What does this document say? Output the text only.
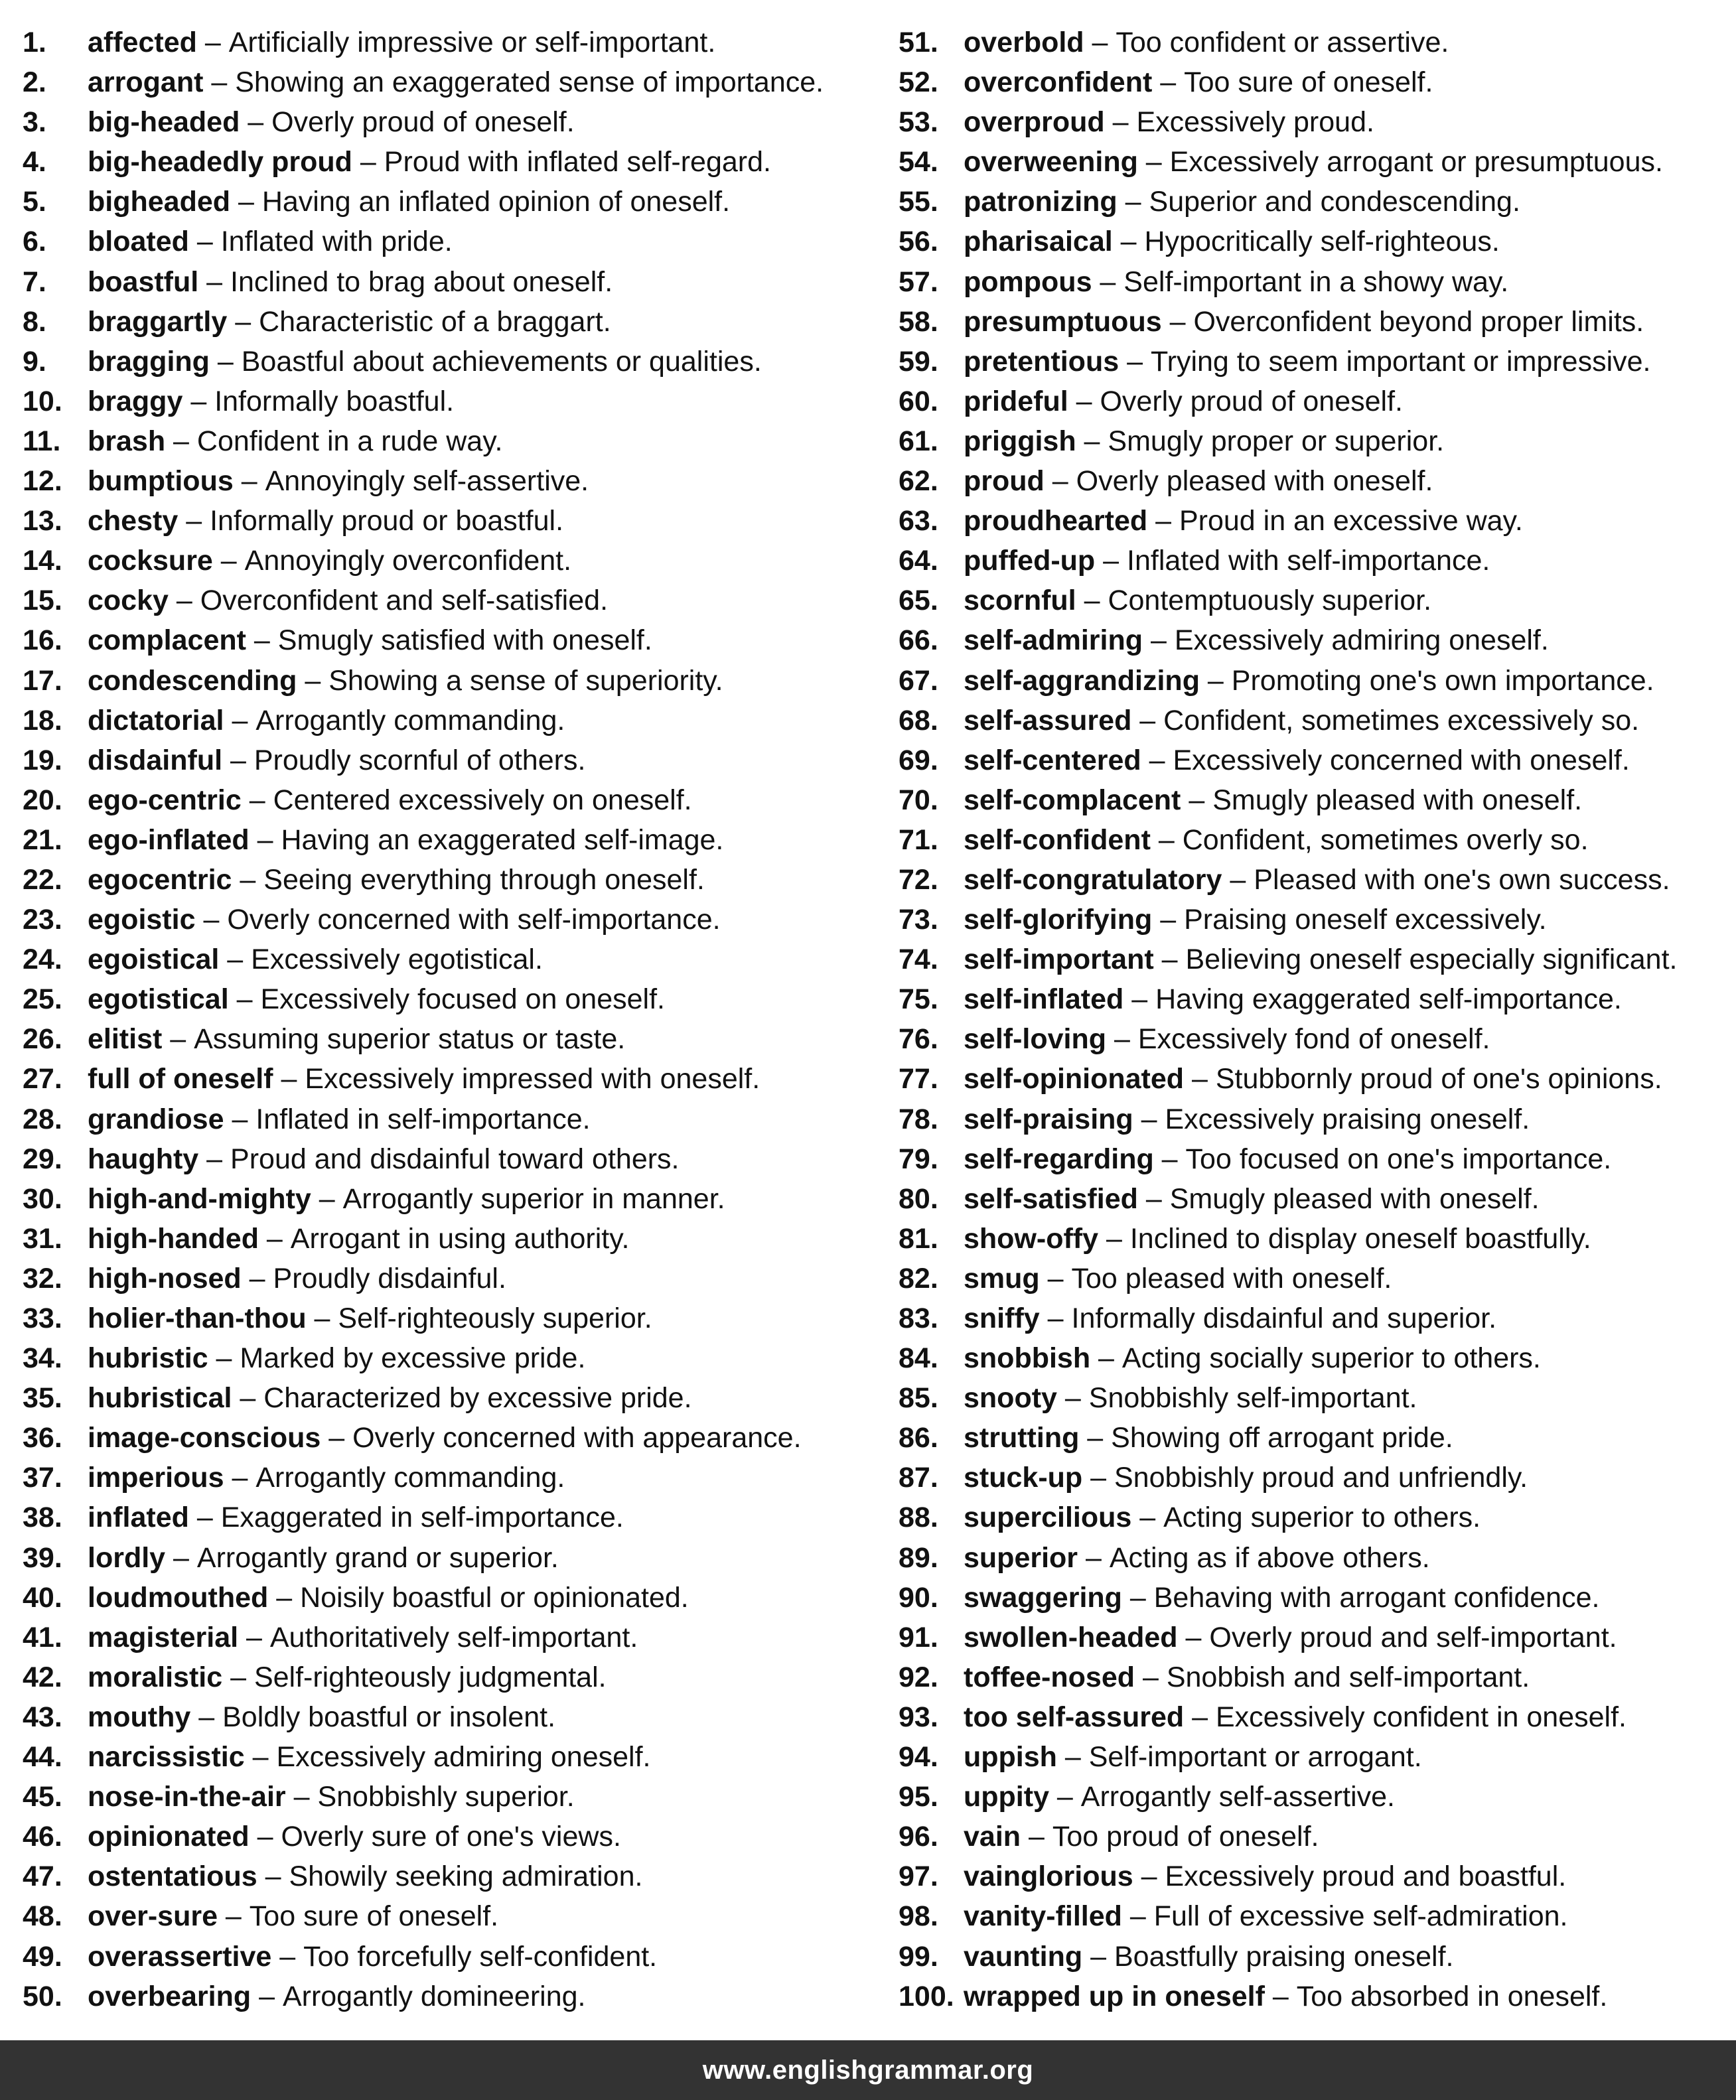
1.	affected – Artificially impressive or self-important.
2.	arrogant – Showing an exaggerated sense of importance.
3.	big-headed – Overly proud of oneself.
4.	big-headedly proud – Proud with inflated self-regard.
5.	bigheaded – Having an inflated opinion of oneself.
6.	bloated – Inflated with pride.
7.	boastful – Inclined to brag about oneself.
8.	braggartly – Characteristic of a braggart.
9.	bragging – Boastful about achievements or qualities.
10. braggy – Informally boastful.
11. brash – Confident in a rude way.
12. bumptious – Annoyingly self-assertive.
13. chesty – Informally proud or boastful.
14. cocksure – Annoyingly overconfident.
15. cocky – Overconfident and self-satisfied.
16. complacent – Smugly satisfied with oneself.
17. condescending – Showing a sense of superiority.
18. dictatorial – Arrogantly commanding.
19. disdainful – Proudly scornful of others.
20. ego-centric – Centered excessively on oneself.
21. ego-inflated – Having an exaggerated self-image.
22. egocentric – Seeing everything through oneself.
23. egoistic – Overly concerned with self-importance.
24. egoistical – Excessively egotistical.
25. egotistical – Excessively focused on oneself.
26. elitist – Assuming superior status or taste.
27. full of oneself – Excessively impressed with oneself.
28. grandiose – Inflated in self-importance.
29. haughty – Proud and disdainful toward others.
30. high-and-mighty – Arrogantly superior in manner.
31. high-handed – Arrogant in using authority.
32. high-nosed – Proudly disdainful.
33. holier-than-thou – Self-righteously superior.
34. hubristic – Marked by excessive pride.
35. hubristical – Characterized by excessive pride.
36. image-conscious – Overly concerned with appearance.
37. imperious – Arrogantly commanding.
38. inflated – Exaggerated in self-importance.
39. lordly – Arrogantly grand or superior.
40. loudmouthed – Noisily boastful or opinionated.
41. magisterial – Authoritatively self-important.
42. moralistic – Self-righteously judgmental.
43. mouthy – Boldly boastful or insolent.
44. narcissistic – Excessively admiring oneself.
45. nose-in-the-air – Snobbishly superior.
46. opinionated – Overly sure of one's views.
47. ostentatious – Showily seeking admiration.
48. over-sure – Too sure of oneself.
49. overassertive – Too forcefully self-confident.
50. overbearing – Arrogantly domineering.
51. overbold – Too confident or assertive.
52. overconfident – Too sure of oneself.
53. overproud – Excessively proud.
54. overweening – Excessively arrogant or presumptuous.
55. patronizing – Superior and condescending.
56. pharisaical – Hypocritically self-righteous.
57. pompous – Self-important in a showy way.
58. presumptuous – Overconfident beyond proper limits.
59. pretentious – Trying to seem important or impressive.
60. prideful – Overly proud of oneself.
61. priggish – Smugly proper or superior.
62. proud – Overly pleased with oneself.
63. proudhearted – Proud in an excessive way.
64. puffed-up – Inflated with self-importance.
65. scornful – Contemptuously superior.
66. self-admiring – Excessively admiring oneself.
67. self-aggrandizing – Promoting one's own importance.
68. self-assured – Confident, sometimes excessively so.
69. self-centered – Excessively concerned with oneself.
70. self-complacent – Smugly pleased with oneself.
71. self-confident – Confident, sometimes overly so.
72. self-congratulatory – Pleased with one's own success.
73. self-glorifying – Praising oneself excessively.
74. self-important – Believing oneself especially significant.
75. self-inflated – Having exaggerated self-importance.
76. self-loving – Excessively fond of oneself.
77. self-opinionated – Stubbornly proud of one's opinions.
78. self-praising – Excessively praising oneself.
79. self-regarding – Too focused on one's importance.
80. self-satisfied – Smugly pleased with oneself.
81. show-offy – Inclined to display oneself boastfully.
82. smug – Too pleased with oneself.
83. sniffy – Informally disdainful and superior.
84. snobbish – Acting socially superior to others.
85. snooty – Snobbishly self-important.
86. strutting – Showing off arrogant pride.
87. stuck-up – Snobbishly proud and unfriendly.
88. supercilious – Acting superior to others.
89. superior – Acting as if above others.
90. swaggering – Behaving with arrogant confidence.
91. swollen-headed – Overly proud and self-important.
92. toffee-nosed – Snobbish and self-important.
93. too self-assured – Excessively confident in oneself.
94. uppish – Self-important or arrogant.
95. uppity – Arrogantly self-assertive.
96. vain – Too proud of oneself.
97. vainglorious – Excessively proud and boastful.
98. vanity-filled – Full of excessive self-admiration.
99. vaunting – Boastfully praising oneself.
100. wrapped up in oneself – Too absorbed in oneself.
www.englishgrammar.org
